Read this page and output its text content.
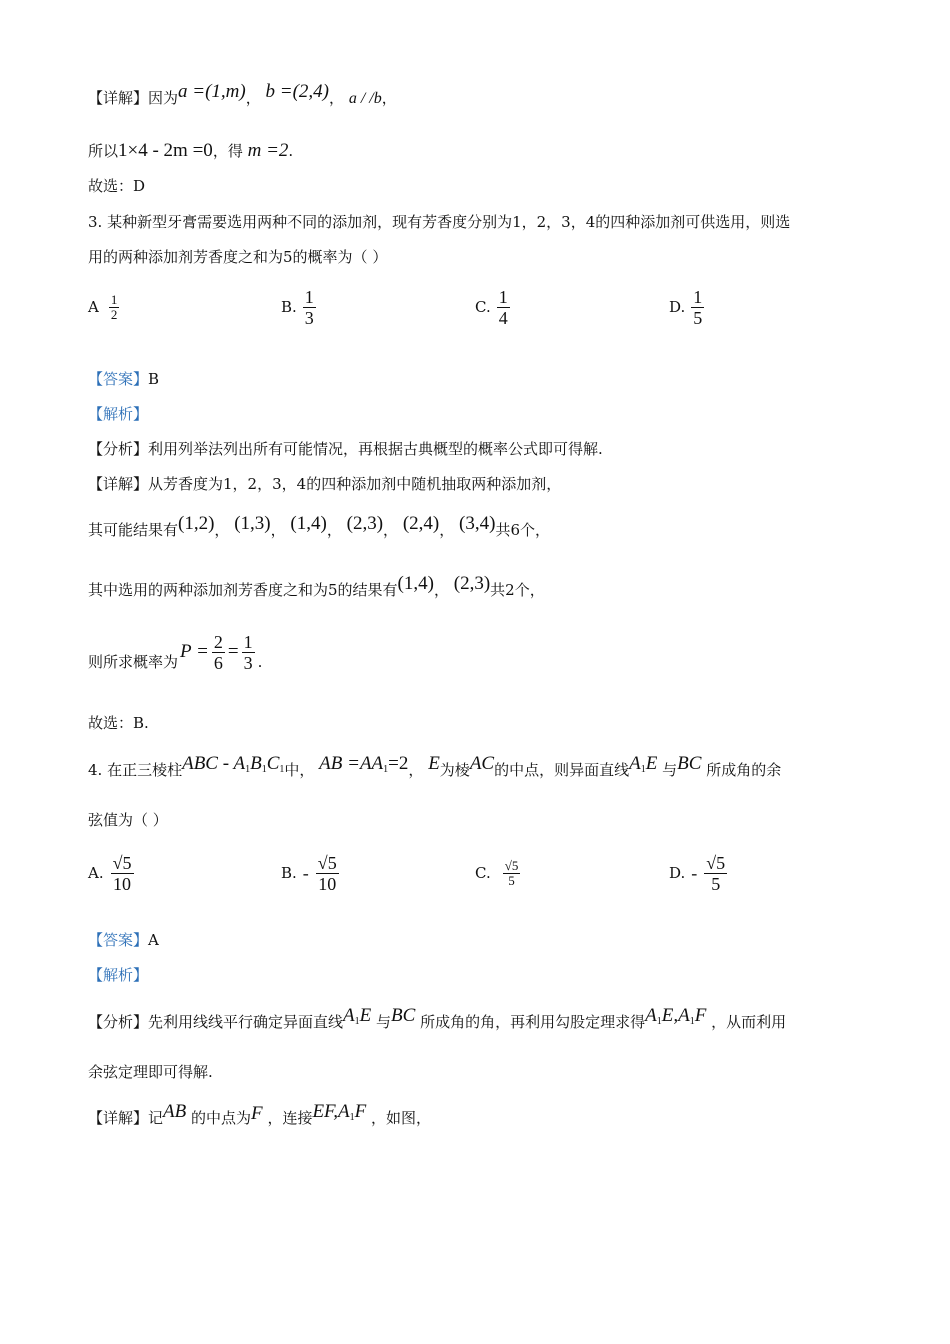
【详解】因为a =(1,m)， b =(2,4)， a / /b，
所以1×4 - 2m =0，得 m =2.
故选：D
3. 某种新型牙膏需要选用两种不同的添加剂，现有芳香度分别为1，2，3，4的四种添加剂可供选用，则选
用的两种添加剂芳香度之和为5的概率为（ ）
A $\frac{1}{2}$	B. $\frac{1}{3}$	C. $\frac{1}{4}$	D. $\frac{1}{5}$
【答案】B
【解析】
【分析】利用列举法列出所有可能情况，再根据古典概型的概率公式即可得解.
【详解】从芳香度为1，2，3，4的四种添加剂中随机抽取两种添加剂，
其可能结果有(1,2)， (1,3)， (1,4)， (2,3)， (2,4)， (3,4)共6个，
其中选用的两种添加剂芳香度之和为5的结果有(1,4)， (2,3)共2个，
则所求概率为 $P = \frac{2}{6} = \frac{1}{3}$ .
故选：B.
4. 在正三棱柱ABC - $A_1B_1C_1$中， AB $=AA_1=2$， E为棱AC的中点，则异面直线$A_1E$ 与BC 所成角的余
弦值为（ ）
A. $\frac{√5}{10}$	B. - $\frac{√5}{10}$	C. $\frac{√5}{5}$	D. - $\frac{√5}{5}$
【答案】A
【解析】
【分析】先利用线线平行确定异面直线$A_1E$ 与BC 所成角的角，再利用勾股定理求得$A_1E,A_1F$ ，从而利用
余弦定理即可得解.
【详解】记AB 的中点为F ，连接$EF,A_1F$ ，如图，
